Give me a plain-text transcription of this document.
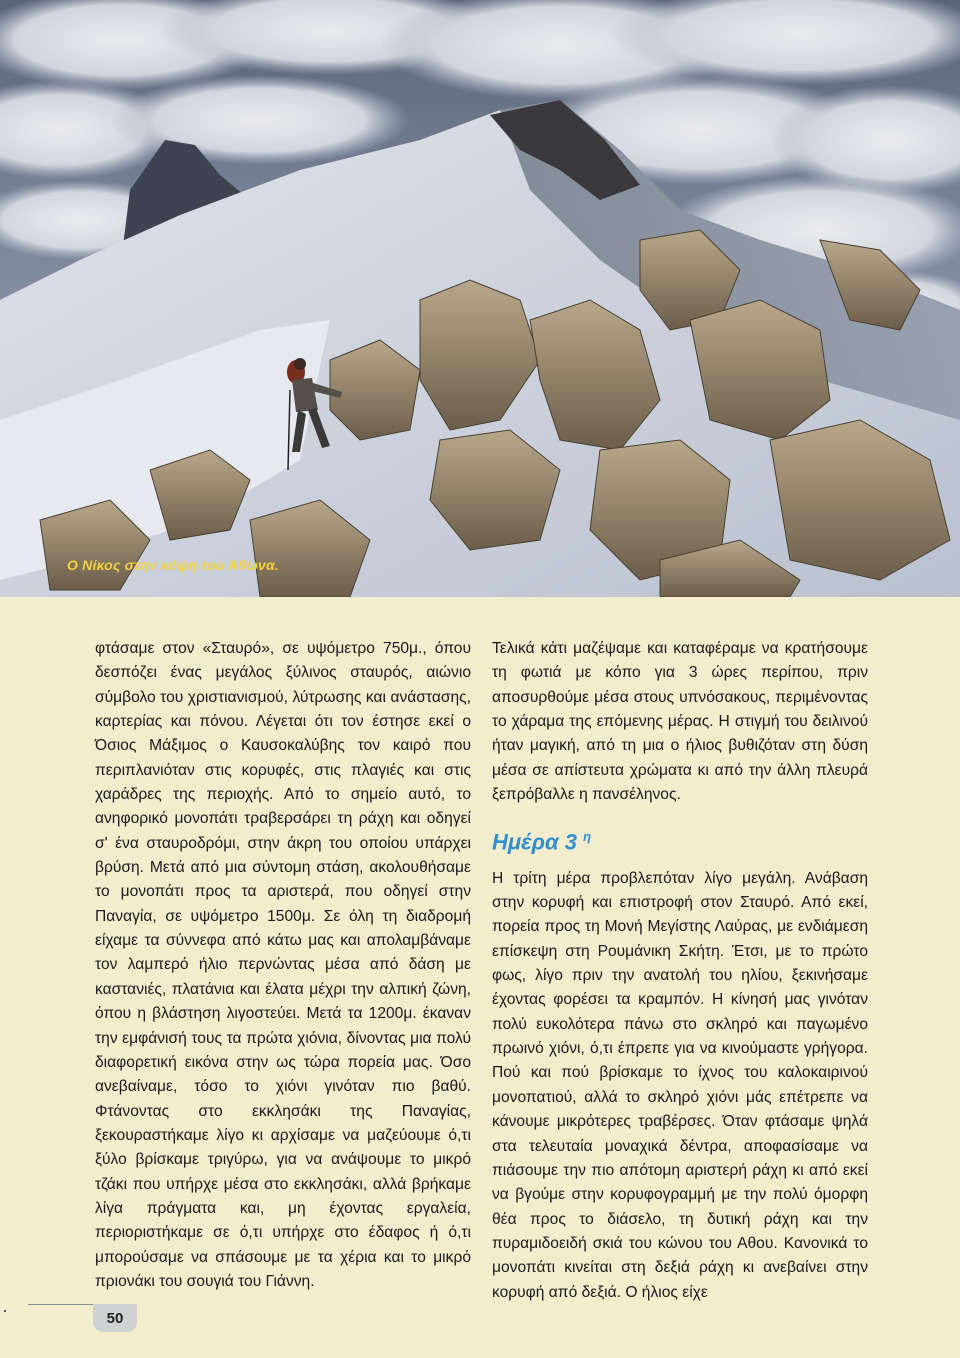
Ο Νίκος στην κόψη του Άθωνα.

φτάσαμε στον «Σταυρό», σε υψόμετρο 750μ., όπου δεσπόζει ένας μεγάλος ξύλινος σταυρός, αιώνιο σύμβολο του χριστιανισμού, λύτρωσης και ανάστασης, καρτερίας και πόνου. Λέγεται ότι τον έστησε εκεί ο Όσιος Μάξιμος ο Καυσοκαλύβης τον καιρό που περιπλανιόταν στις κορυφές, στις πλαγιές και στις χαράδρες της περιοχής. Από το σημείο αυτό, το ανηφορικό μονοπάτι τραβερσάρει τη ράχη και οδηγεί σ' ένα σταυροδρόμι, στην άκρη του οποίου υπάρχει βρύση. Μετά από μια σύντομη στάση, ακολουθήσαμε το μονοπάτι προς τα αριστερά, που οδηγεί στην Παναγία, σε υψόμετρο 1500μ. Σε όλη τη διαδρομή είχαμε τα σύννεφα από κάτω μας και απολαμβάναμε τον λαμπερό ήλιο περνώντας μέσα από δάση με καστανιές, πλατάνια και έλατα μέχρι την αλπική ζώνη, όπου η βλάστηση λιγοστεύει. Μετά τα 1200μ. έκαναν την εμφάνισή τους τα πρώτα χιόνια, δίνοντας μια πολύ διαφορετική εικόνα στην ως τώρα πορεία μας. Όσο ανεβαίναμε, τόσο το χιόνι γινόταν πιο βαθύ. Φτάνοντας στο εκκλησάκι της Παναγίας, ξεκουραστήκαμε λίγο κι αρχίσαμε να μαζεύουμε ό,τι ξύλο βρίσκαμε τριγύρω, για να ανάψουμε το μικρό τζάκι που υπήρχε μέσα στο εκκλησάκι, αλλά βρήκαμε λίγα πράγματα και, μη έχοντας εργαλεία, περιοριστήκαμε σε ό,τι υπήρχε στο έδαφος ή ό,τι μπορούσαμε να σπάσουμε με τα χέρια και το μικρό πριονάκι του σουγιά του Γιάννη.

Τελικά κάτι μαζέψαμε και καταφέραμε να κρατήσουμε τη φωτιά με κόπο για 3 ώρες περίπου, πριν αποσυρθούμε μέσα στους υπνόσακους, περιμένοντας το χάραμα της επόμενης μέρας. Η στιγμή του δειλινού ήταν μαγική, από τη μια ο ήλιος βυθιζόταν στη δύση μέσα σε απίστευτα χρώματα κι από την άλλη πλευρά ξεπρόβαλλε η πανσέληνος.

Ημέρα 3 $^\eta$

Η τρίτη μέρα προβλεπόταν λίγο μεγάλη. Ανάβαση στην κορυφή και επιστροφή στον Σταυρό. Από εκεί, πορεία προς τη Μονή Μεγίστης Λαύρας, με ενδιάμεση επίσκεψη στη Ρουμάνικη Σκήτη. Έτσι, με το πρώτο φως, λίγο πριν την ανατολή του ηλίου, ξεκινήσαμε έχοντας φορέσει τα κραμπόν. Η κίνησή μας γινόταν πολύ ευκολότερα πάνω στο σκληρό και παγωμένο πρωινό χιόνι, ό,τι έπρεπε για να κινούμαστε γρήγορα. Πού και πού βρίσκαμε το ίχνος του καλοκαιρινού μονοπατιού, αλλά το σκληρό χιόνι μάς επέτρεπε να κάνουμε μικρότερες τραβέρσες. Όταν φτάσαμε ψηλά στα τελευταία μοναχικά δέντρα, αποφασίσαμε να πιάσουμε την πιο απότομη αριστερή ράχη κι από εκεί να βγούμε στην κορυφογραμμή με την πολύ όμορφη θέα προς το διάσελο, τη δυτική ράχη και την πυραμιδοειδή σκιά του κώνου του Αθου. Κανονικά το μονοπάτι κινείται στη δεξιά ράχη κι ανεβαίνει στην κορυφή από δεξιά. Ο ήλιος είχε

50
